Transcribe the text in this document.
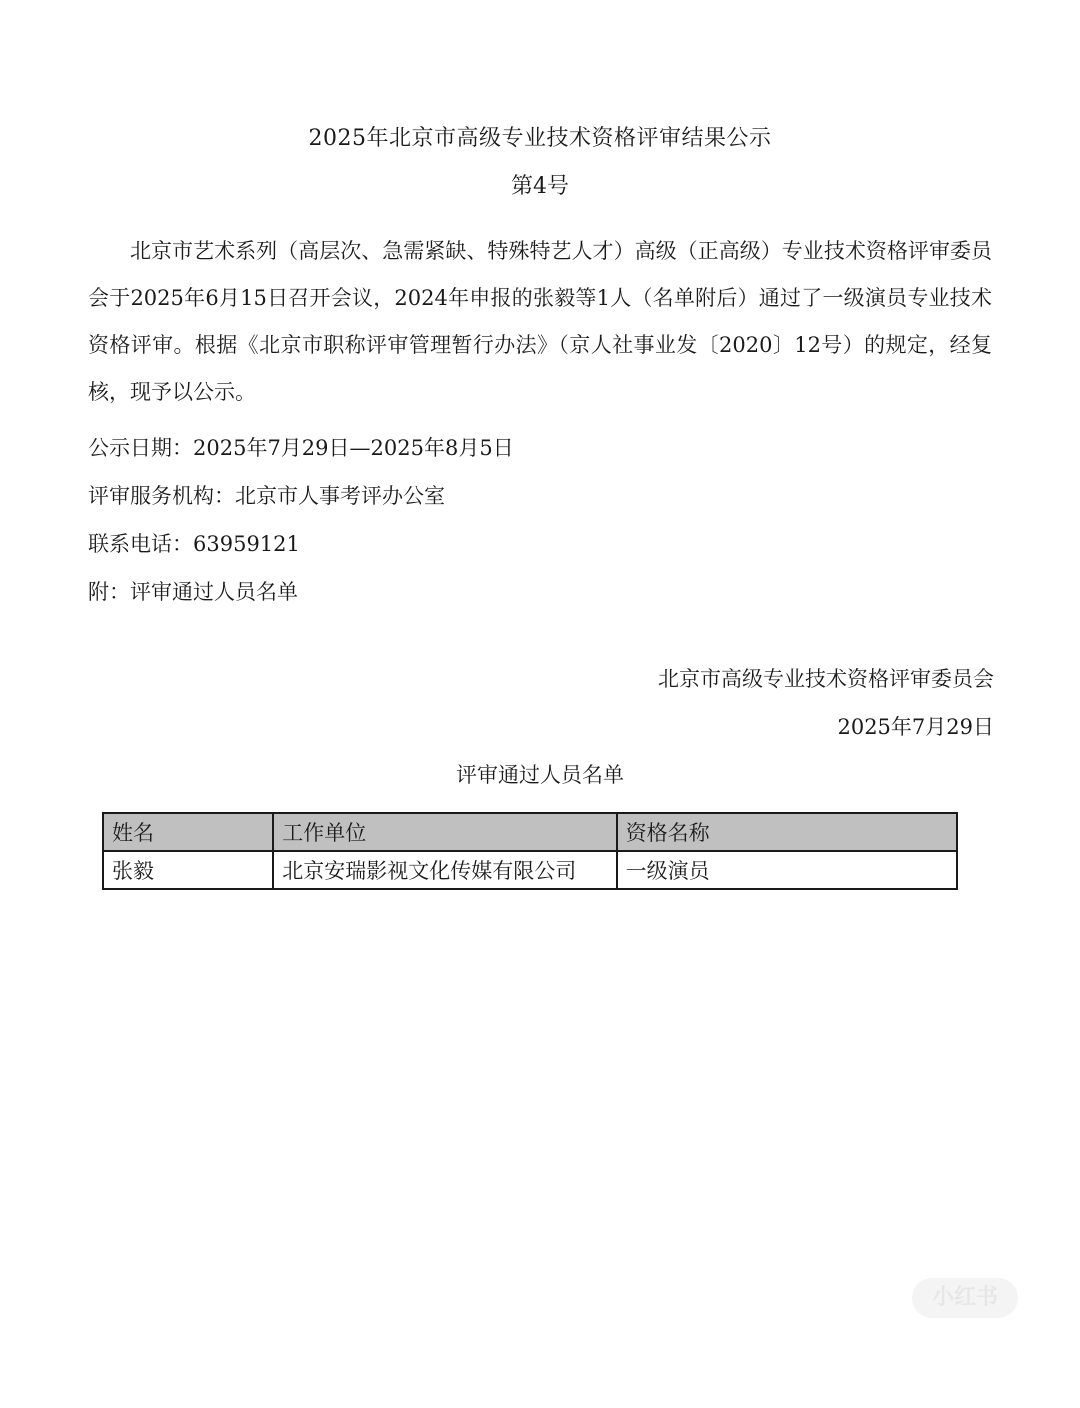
2025年北京市高级专业技术资格评审结果公示
第4号
北京市艺术系列（高层次、急需紧缺、特殊特艺人才）高级（正高级）专业技术资格评审委员会于2025年6月15日召开会议，2024年申报的张毅等1人（名单附后）通过了一级演员专业技术资格评审。根据《北京市职称评审管理暂行办法》（京人社事业发〔2020〕12号）的规定，经复核，现予以公示。
公示日期：2025年7月29日—2025年8月5日
评审服务机构：北京市人事考评办公室
联系电话：63959121
附：评审通过人员名单
北京市高级专业技术资格评审委员会
2025年7月29日
评审通过人员名单
姓名	工作单位	资格名称
张毅	北京安瑞影视文化传媒有限公司	一级演员
小红书
